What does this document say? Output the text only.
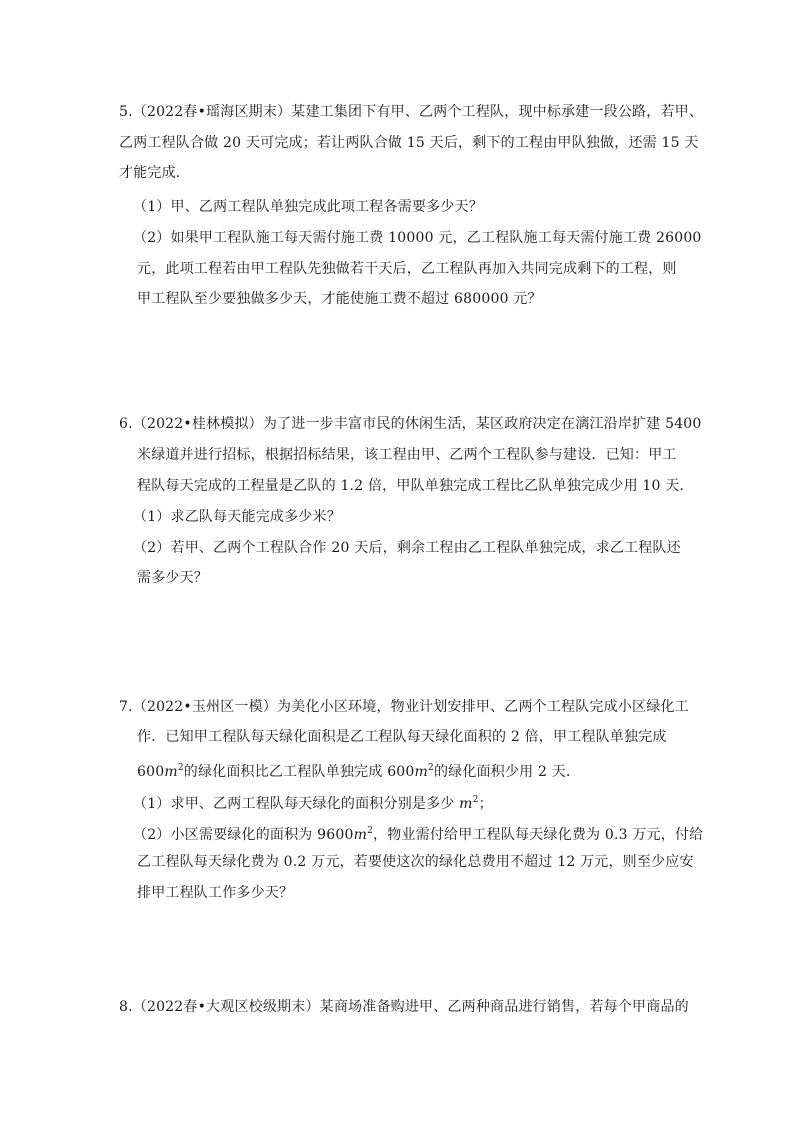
5.（2022春•瑶海区期末）某建工集团下有甲、乙两个工程队，现中标承建一段公路，若甲、
乙两工程队合做 20 天可完成；若让两队合做 15 天后，剩下的工程由甲队独做，还需 15 天
才能完成．
（1）甲、乙两工程队单独完成此项工程各需要多少天？
（2）如果甲工程队施工每天需付施工费 10000 元，乙工程队施工每天需付施工费 26000
元，此项工程若由甲工程队先独做若干天后，乙工程队再加入共同完成剩下的工程，则
甲工程队至少要独做多少天，才能使施工费不超过 680000 元？
6.（2022•桂林模拟）为了进一步丰富市民的休闲生活，某区政府决定在漓江沿岸扩建 5400
米绿道并进行招标，根据招标结果，该工程由甲、乙两个工程队参与建设．已知：甲工
程队每天完成的工程量是乙队的 1.2 倍，甲队单独完成工程比乙队单独完成少用 10 天．
（1）求乙队每天能完成多少米？
（2）若甲、乙两个工程队合作 20 天后，剩余工程由乙工程队单独完成，求乙工程队还
需多少天？
7.（2022•玉州区一模）为美化小区环境，物业计划安排甲、乙两个工程队完成小区绿化工
作．已知甲工程队每天绿化面积是乙工程队每天绿化面积的 2 倍，甲工程队单独完成
$600m^2$的绿化面积比乙工程队单独完成 $600m^2$的绿化面积少用 2 天．
（1）求甲、乙两工程队每天绿化的面积分别是多少 $m^2$；
（2）小区需要绿化的面积为 $9600m^2$，物业需付给甲工程队每天绿化费为 0.3 万元，付给
乙工程队每天绿化费为 0.2 万元，若要使这次的绿化总费用不超过 12 万元，则至少应安
排甲工程队工作多少天？
8.（2022春•大观区校级期末）某商场准备购进甲、乙两种商品进行销售，若每个甲商品的
